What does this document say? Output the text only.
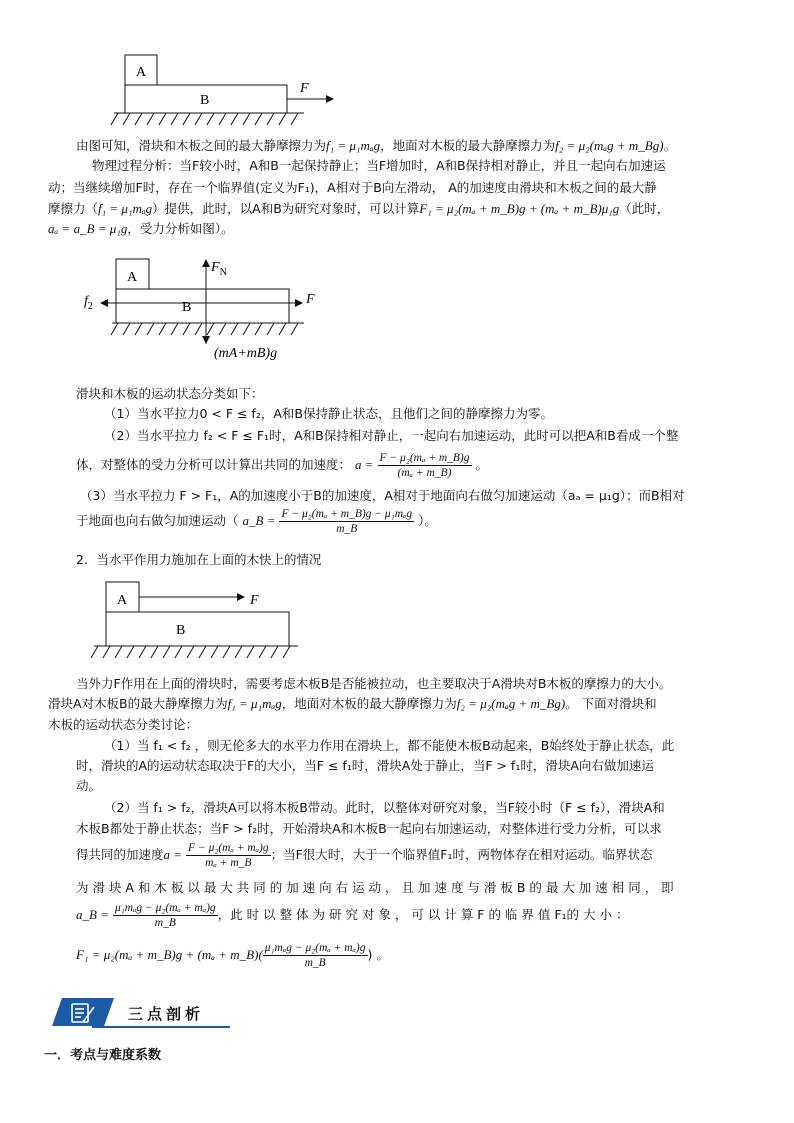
A
B
F

由图可知，滑块和木板之间的最大静摩擦力为f₁ = μ₁mₐg，地面对木板的最大静摩擦力为f₂ = μ₂(mₐg + m_Bg)。

物理过程分析：当F较小时，A和B一起保持静止；当F增加时，A和B保持相对静止，并且一起向右加速运

动；当继续增加F时，存在一个临界值(定义为F₁)，A相对于B向左滑动， A的加速度由滑块和木板之间的最大静

摩擦力（f₁ = μ₁mₐg）提供，此时，以A和B为研究对象时，可以计算F₁ = μ₂(mₐ + m_B)g + (mₐ + m_B)μ₁g（此时，

aₐ = a_B = μ₁g，受力分析如图）。

A
B
$F_N$
(mA+mB)g
$f_2$	F

滑块和木板的运动状态分类如下：

（1）当水平拉力0 < F ≤ f₂，A和B保持静止状态，且他们之间的静摩擦力为零。

（2）当水平拉力 f₂ < F ≤ F₁时，A和B保持相对静止，一起向右加速运动，此时可以把A和B看成一个整

体，对整体的受力分析可以计算出共同的加速度： $a = \frac{\text{F − μ₂(mₐ + m\_B)g}}{\text{(mₐ + m\_B)}}$ 。

（3）当水平拉力 F > F₁，A的加速度小于B的加速度，A相对于地面向右做匀加速运动（aₐ = μ₁g）；而B相对

于地面也向右做匀加速运动（ a_B = $\frac{\text{F − μ₂(mₐ + m\_B)g − μ₁mₐg}}{m\_B}$ ）。

2．当水平作用力施加在上面的木快上的情况

A	F
B

当外力F作用在上面的滑块时，需要考虑木板B是否能被拉动，也主要取决于A滑块对B木板的摩擦力的大小。

滑块A对木板B的最大静摩擦力为f₁ = μ₁mₐg，地面对木板的最大静摩擦力为f₂ = μ₂(mₐg + m_Bg)。 下面对滑块和

木板的运动状态分类讨论：

（1）当 f₁ < f₂ ，则无伦多大的水平力作用在滑块上，都不能使木板B动起来，B始终处于静止状态，此

时，滑块的A的运动状态取决于F的大小，当F ≤ f₁时，滑块A处于静止，当F > f₁时，滑块A向右做加速运

动。

（2）当 f₁ > f₂，滑块A可以将木板B带动。此时，以整体对研究对象，当F较小时（F ≤ f₂），滑块A和

木板B都处于静止状态；当F > f₂时，开始滑块A和木板B一起向右加速运动，对整体进行受力分析，可以求

得共同的加速度$a = \frac{\text{F − μ₂(mₐ + mₐ)g}}{\text{mₐ + m\_B}}$ ；当F很大时，大于一个临界值F₁时，两物体存在相对运动。临界状态

为 滑 块 A 和 木 板 以 最 大 共 同 的 加 速 向 右 运 动 ， 且 加 速 度 与 滑 板 B 的 最 大 加 速 相 同 ， 即

a_B = $\frac{\text{μ₁mₐg − μ₂(mₐ + mₐ)g}}{m\_B}$ ，此 时 以 整 体 为 研 究 对 象 ， 可 以 计 算 F 的 临 界 值 F₁的 大 小 ：

F₁ = μ₂(mₐ + m_B)g + (mₐ + m_B)( $\frac{\text{μ₁mₐg − μ₂(mₐ + mₐ)g}}{m\_B}$ ) 。

三点剖析
一．考点与难度系数
